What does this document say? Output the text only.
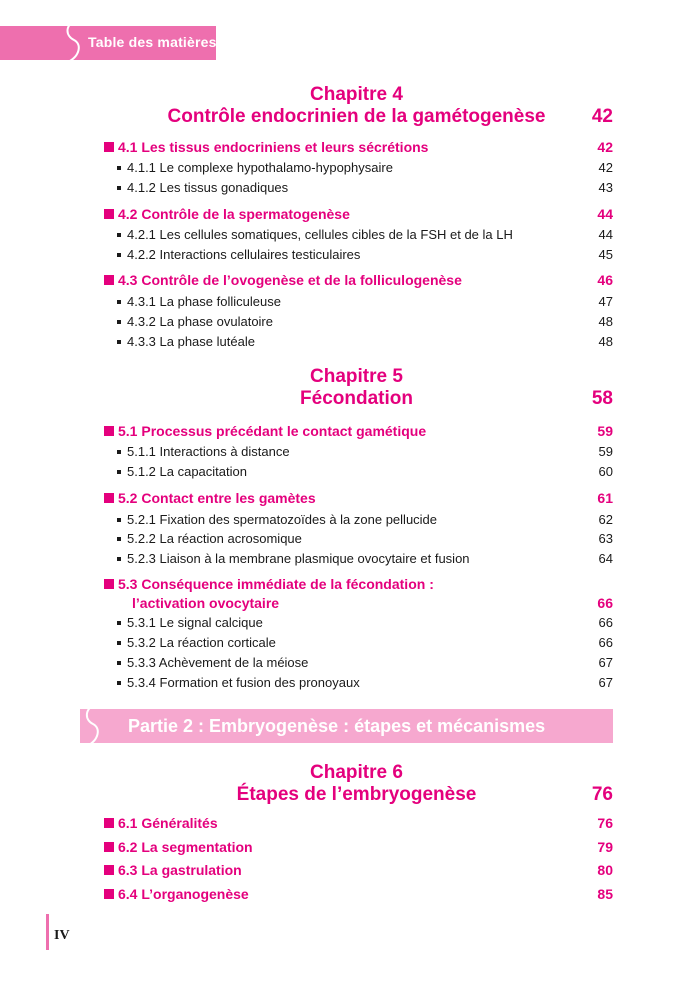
Table des matières
Chapitre 4
Contrôle endocrinien de la gamétogenèse	42
4.1 Les tissus endocriniens et leurs sécrétions	42
4.1.1 Le complexe hypothalamo-hypophysaire	42
4.1.2 Les tissus gonadiques	43
4.2 Contrôle de la spermatogenèse	44
4.2.1 Les cellules somatiques, cellules cibles de la FSH et de la LH	44
4.2.2 Interactions cellulaires testiculaires	45
4.3 Contrôle de l’ovogenèse et de la folliculogenèse	46
4.3.1 La phase folliculeuse	47
4.3.2 La phase ovulatoire	48
4.3.3 La phase lutéale	48
Chapitre 5
Fécondation	58
5.1 Processus précédant le contact gamétique	59
5.1.1 Interactions à distance	59
5.1.2 La capacitation	60
5.2 Contact entre les gamètes	61
5.2.1 Fixation des spermatozoïdes à la zone pellucide	62
5.2.2 La réaction acrosomique	63
5.2.3 Liaison à la membrane plasmique ovocytaire et fusion	64
5.3 Conséquence immédiate de la fécondation :
l’activation ovocytaire	66
5.3.1 Le signal calcique	66
5.3.2 La réaction corticale	66
5.3.3 Achèvement de la méiose	67
5.3.4 Formation et fusion des pronoyaux	67
Partie 2 : Embryogenèse : étapes et mécanismes
Chapitre 6
Étapes de l’embryogenèse	76
6.1 Généralités	76
6.2 La segmentation	79
6.3 La gastrulation	80
6.4 L’organogenèse	85
IV
